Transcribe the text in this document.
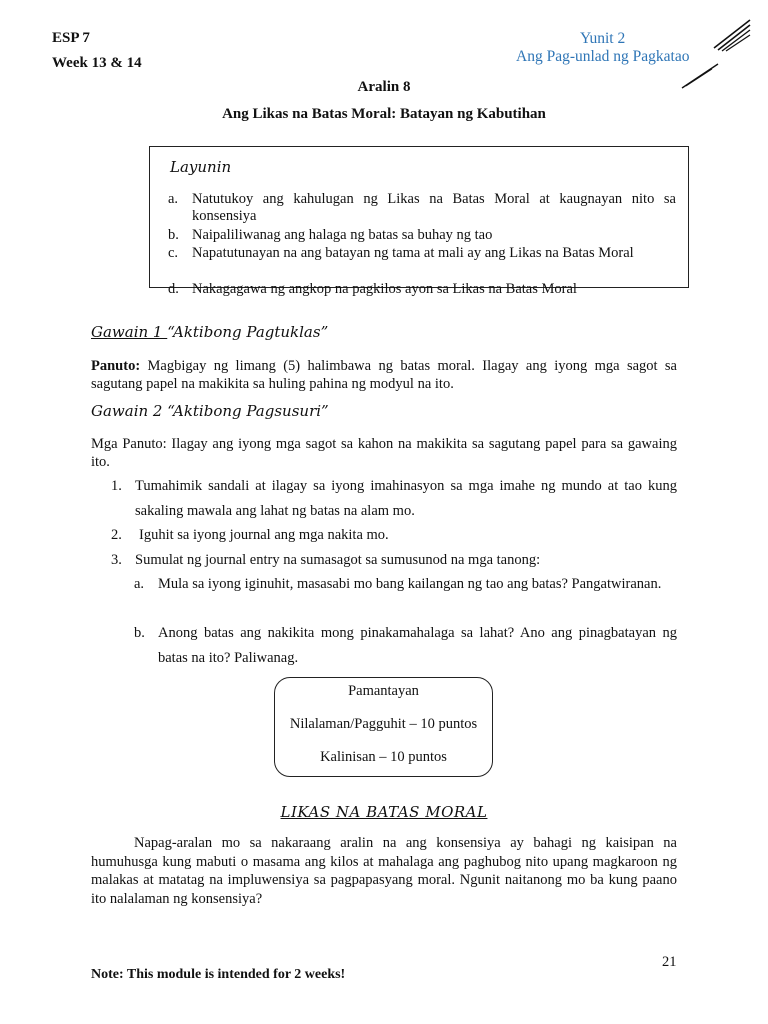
ESP 7
Week 13 & 14
Yunit 2
Ang Pag-unlad ng Pagkatao
Aralin 8
Ang Likas na Batas Moral: Batayan ng Kabutihan
Layunin
a. Natutukoy ang kahulugan ng Likas na Batas Moral at kaugnayan nito sa konsensiya
b. Naipaliliwanag ang halaga ng batas sa buhay ng tao
c. Napatutunayan na ang batayan ng tama at mali ay ang Likas na Batas Moral
d. Nakagagawa ng angkop na pagkilos ayon sa Likas na Batas Moral
Gawain 1 “Aktibong Pagtuklas”

Panuto: Magbigay ng limang (5) halimbawa ng batas moral. Ilagay ang iyong mga sagot sa sagutang papel na makikita sa huling pahina ng modyul na ito.

Gawain 2 “Aktibong Pagsusuri”

Mga Panuto: Ilagay ang iyong mga sagot sa kahon na makikita sa sagutang papel para sa gawaing ito.

1. Tumahimik sandali at ilagay sa iyong imahinasyon sa mga imahe ng mundo at tao kung sakaling mawala ang lahat ng batas na alam mo.
2. Iguhit sa iyong journal ang mga nakita mo.
3. Sumulat ng journal entry na sumasagot sa sumusunod na mga tanong:
a. Mula sa iyong iginuhit, masasabi mo bang kailangan ng tao ang batas? Pangatwiranan.
b. Anong batas ang nakikita mong pinakamahalaga sa lahat? Ano ang pinagbatayan ng batas na ito? Paliwanag.
Pamantayan
Nilalaman/Pagguhit – 10 puntos
Kalinisan – 10 puntos
LIKAS NA BATAS MORAL

Napag-aralan mo sa nakaraang aralin na ang konsensiya ay bahagi ng kaisipan na humuhusga kung mabuti o masama ang kilos at mahalaga ang paghubog nito upang magkaroon ng malakas at matatag na impluwensiya sa pagpapasyang moral. Ngunit naitanong mo ba kung paano ito nalalaman ng konsensiya?

21
Note: This module is intended for 2 weeks!
